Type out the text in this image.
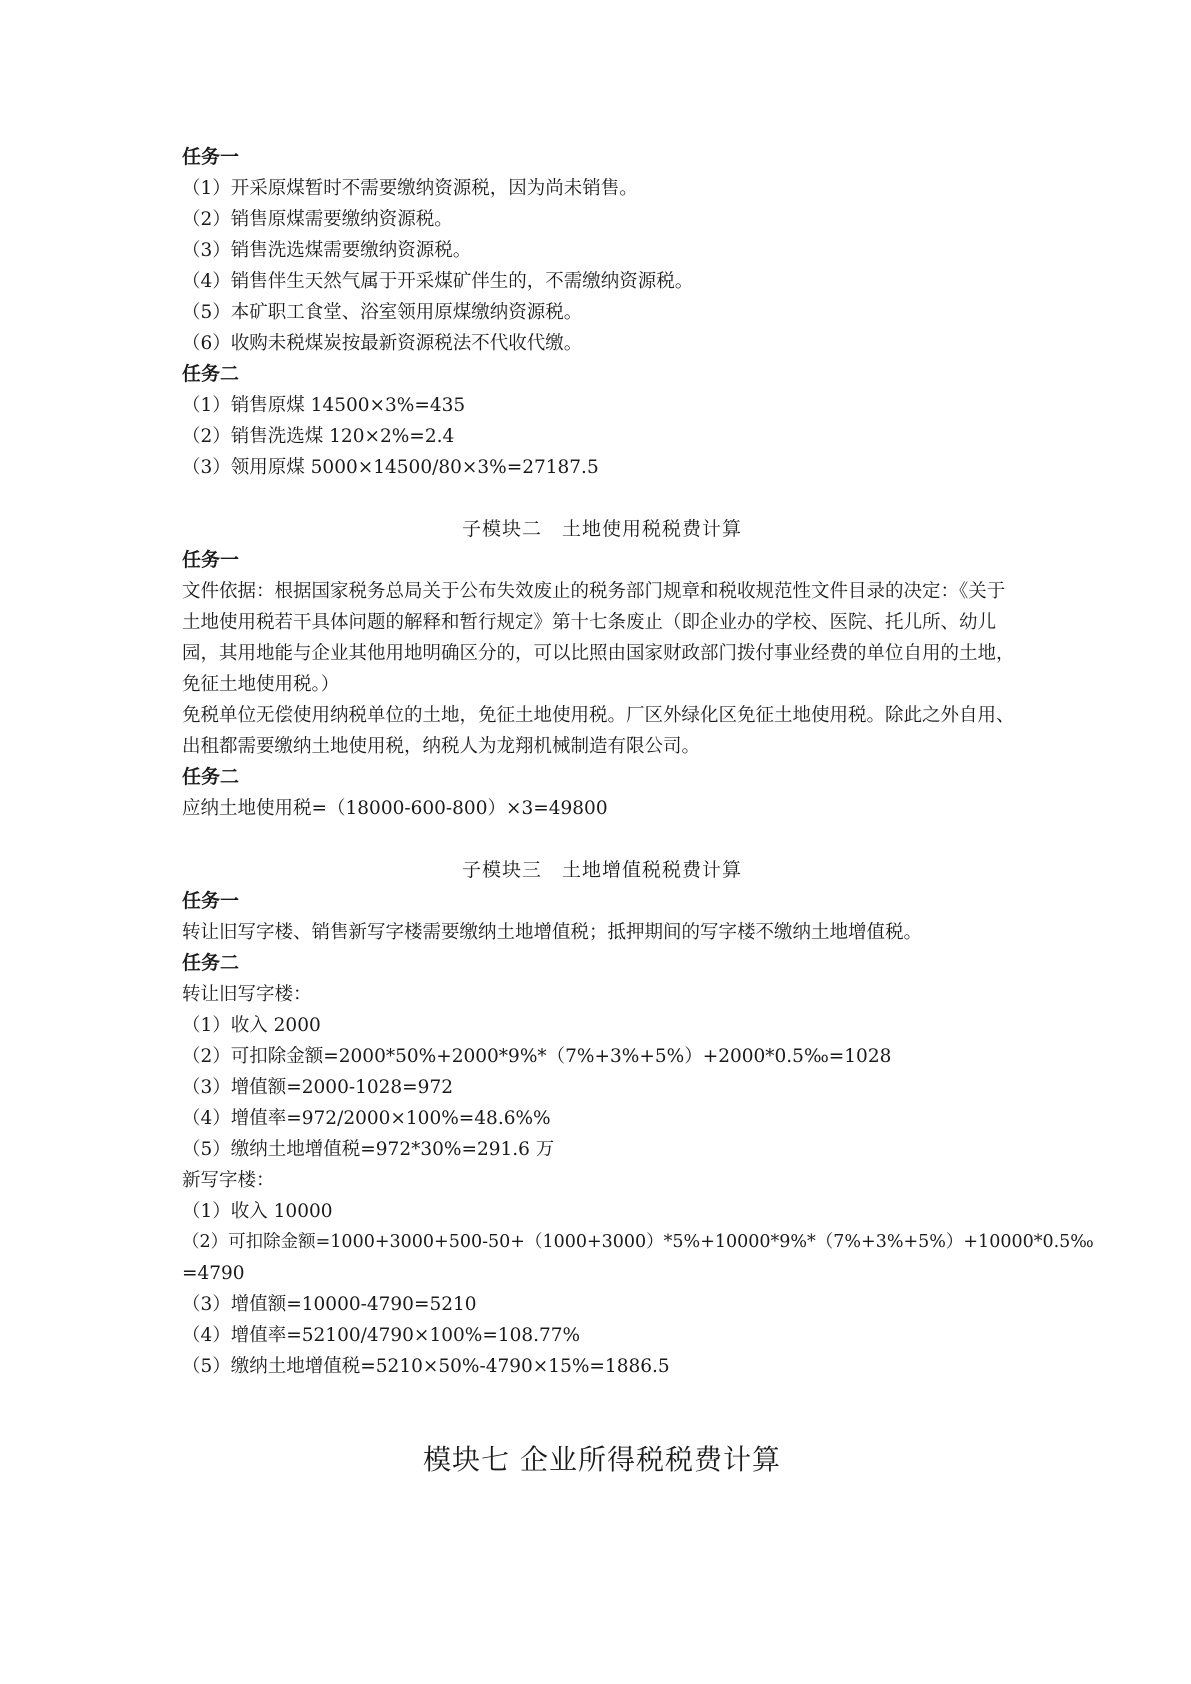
任务一
（1）开采原煤暂时不需要缴纳资源税，因为尚未销售。
（2）销售原煤需要缴纳资源税。
（3）销售洗选煤需要缴纳资源税。
（4）销售伴生天然气属于开采煤矿伴生的，不需缴纳资源税。
（5）本矿职工食堂、浴室领用原煤缴纳资源税。
（6）收购未税煤炭按最新资源税法不代收代缴。
任务二
（1）销售原煤 14500×3%=435
（2）销售洗选煤 120×2%=2.4
（3）领用原煤 5000×14500/80×3%=27187.5
子模块二　土地使用税税费计算
任务一
文件依据：根据国家税务总局关于公布失效废止的税务部门规章和税收规范性文件目录的决定：《关于土地使用税若干具体问题的解释和暂行规定》第十七条废止（即企业办的学校、医院、托儿所、幼儿园，其用地能与企业其他用地明确区分的，可以比照由国家财政部门拨付事业经费的单位自用的土地，免征土地使用税。）
免税单位无偿使用纳税单位的土地，免征土地使用税。厂区外绿化区免征土地使用税。除此之外自用、出租都需要缴纳土地使用税，纳税人为龙翔机械制造有限公司。
任务二
应纳土地使用税=（18000-600-800）×3=49800
子模块三　土地增值税税费计算
任务一
转让旧写字楼、销售新写字楼需要缴纳土地增值税；抵押期间的写字楼不缴纳土地增值税。
任务二
转让旧写字楼：
（1）收入 2000
（2）可扣除金额=2000*50%+2000*9%*（7%+3%+5%）+2000*0.5‰=1028
（3）增值额=2000-1028=972
（4）增值率=972/2000×100%=48.6%%
（5）缴纳土地增值税=972*30%=291.6 万
新写字楼：
（1）收入 10000
（2）可扣除金额=1000+3000+500-50+（1000+3000）*5%+10000*9%*（7%+3%+5%）+10000*0.5‰
=4790
（3）增值额=10000-4790=5210
（4）增值率=52100/4790×100%=108.77%
（5）缴纳土地增值税=5210×50%-4790×15%=1886.5
模块七 企业所得税税费计算
